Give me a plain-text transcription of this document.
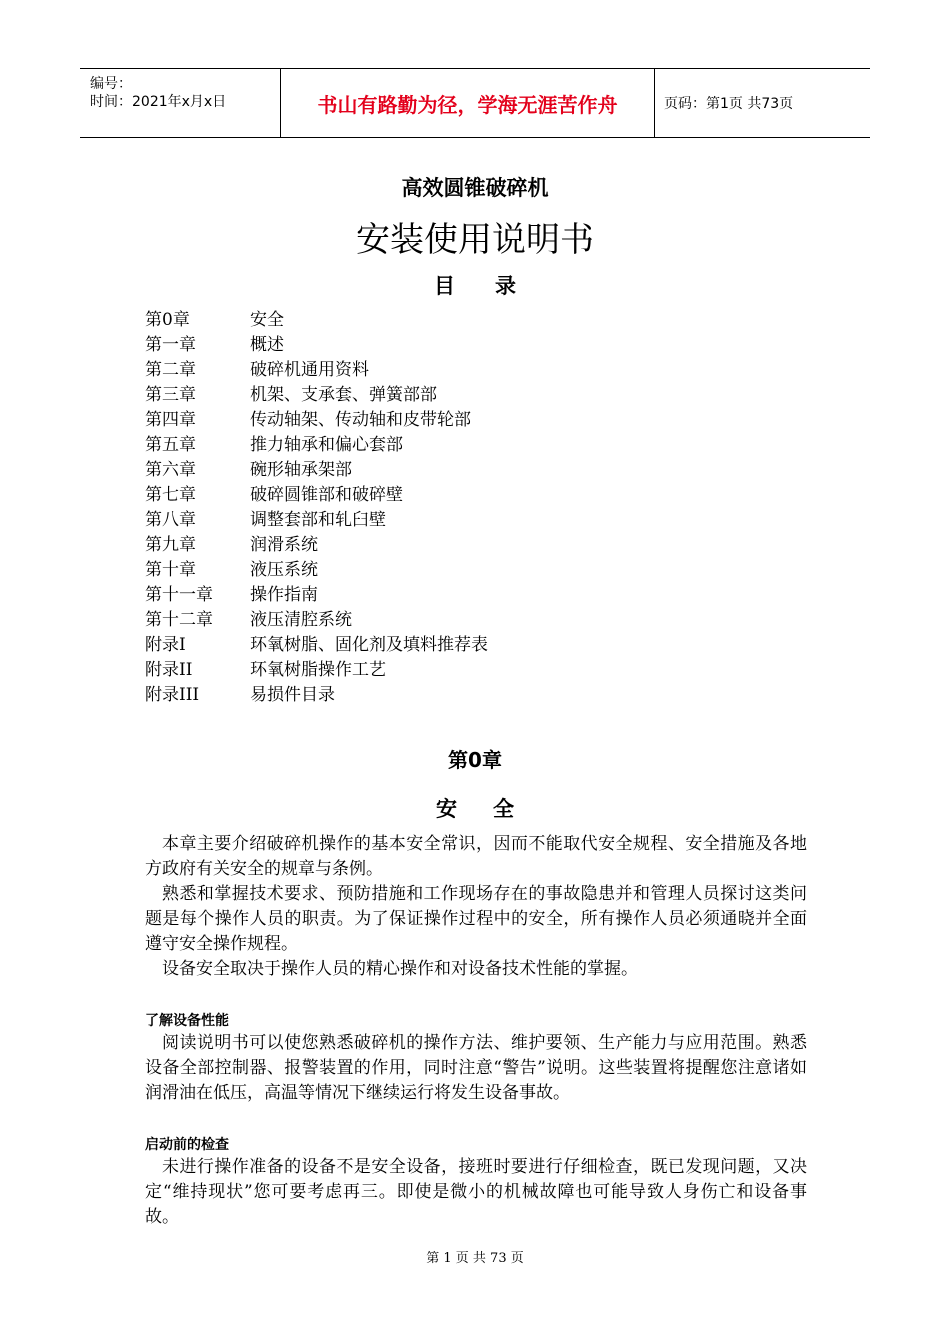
编号：
时间：2021年x月x日	书山有路勤为径，学海无涯苦作舟	页码：第1页 共73页
高效圆锥破碎机
安装使用说明书
目录
第0章	安全
第一章	概述
第二章	破碎机通用资料
第三章	机架、支承套、弹簧部部
第四章	传动轴架、传动轴和皮带轮部
第五章	推力轴承和偏心套部
第六章	碗形轴承架部
第七章	破碎圆锥部和破碎壁
第八章	调整套部和轧臼壁
第九章	润滑系统
第十章	液压系统
第十一章 操作指南
第十二章 液压清腔系统
附录Ⅰ	环氧树脂、固化剂及填料推荐表
附录II	环氧树脂操作工艺
附录III	易损件目录
第0章
安全
本章主要介绍破碎机操作的基本安全常识，因而不能取代安全规程、安全措施及各地方政府有关安全的规章与条例。
熟悉和掌握技术要求、预防措施和工作现场存在的事故隐患并和管理人员探讨这类问题是每个操作人员的职责。为了保证操作过程中的安全，所有操作人员必须通晓并全面遵守安全操作规程。
设备安全取决于操作人员的精心操作和对设备技术性能的掌握。
了解设备性能
阅读说明书可以使您熟悉破碎机的操作方法、维护要领、生产能力与应用范围。熟悉设备全部控制器、报警装置的作用，同时注意“警告”说明。这些装置将提醒您注意诸如润滑油在低压，高温等情况下继续运行将发生设备事故。
启动前的检查
未进行操作准备的设备不是安全设备，接班时要进行仔细检查，既已发现问题，又决定“维持现状”您可要考虑再三。即使是微小的机械故障也可能导致人身伤亡和设备事故。
第 1 页 共 73 页
